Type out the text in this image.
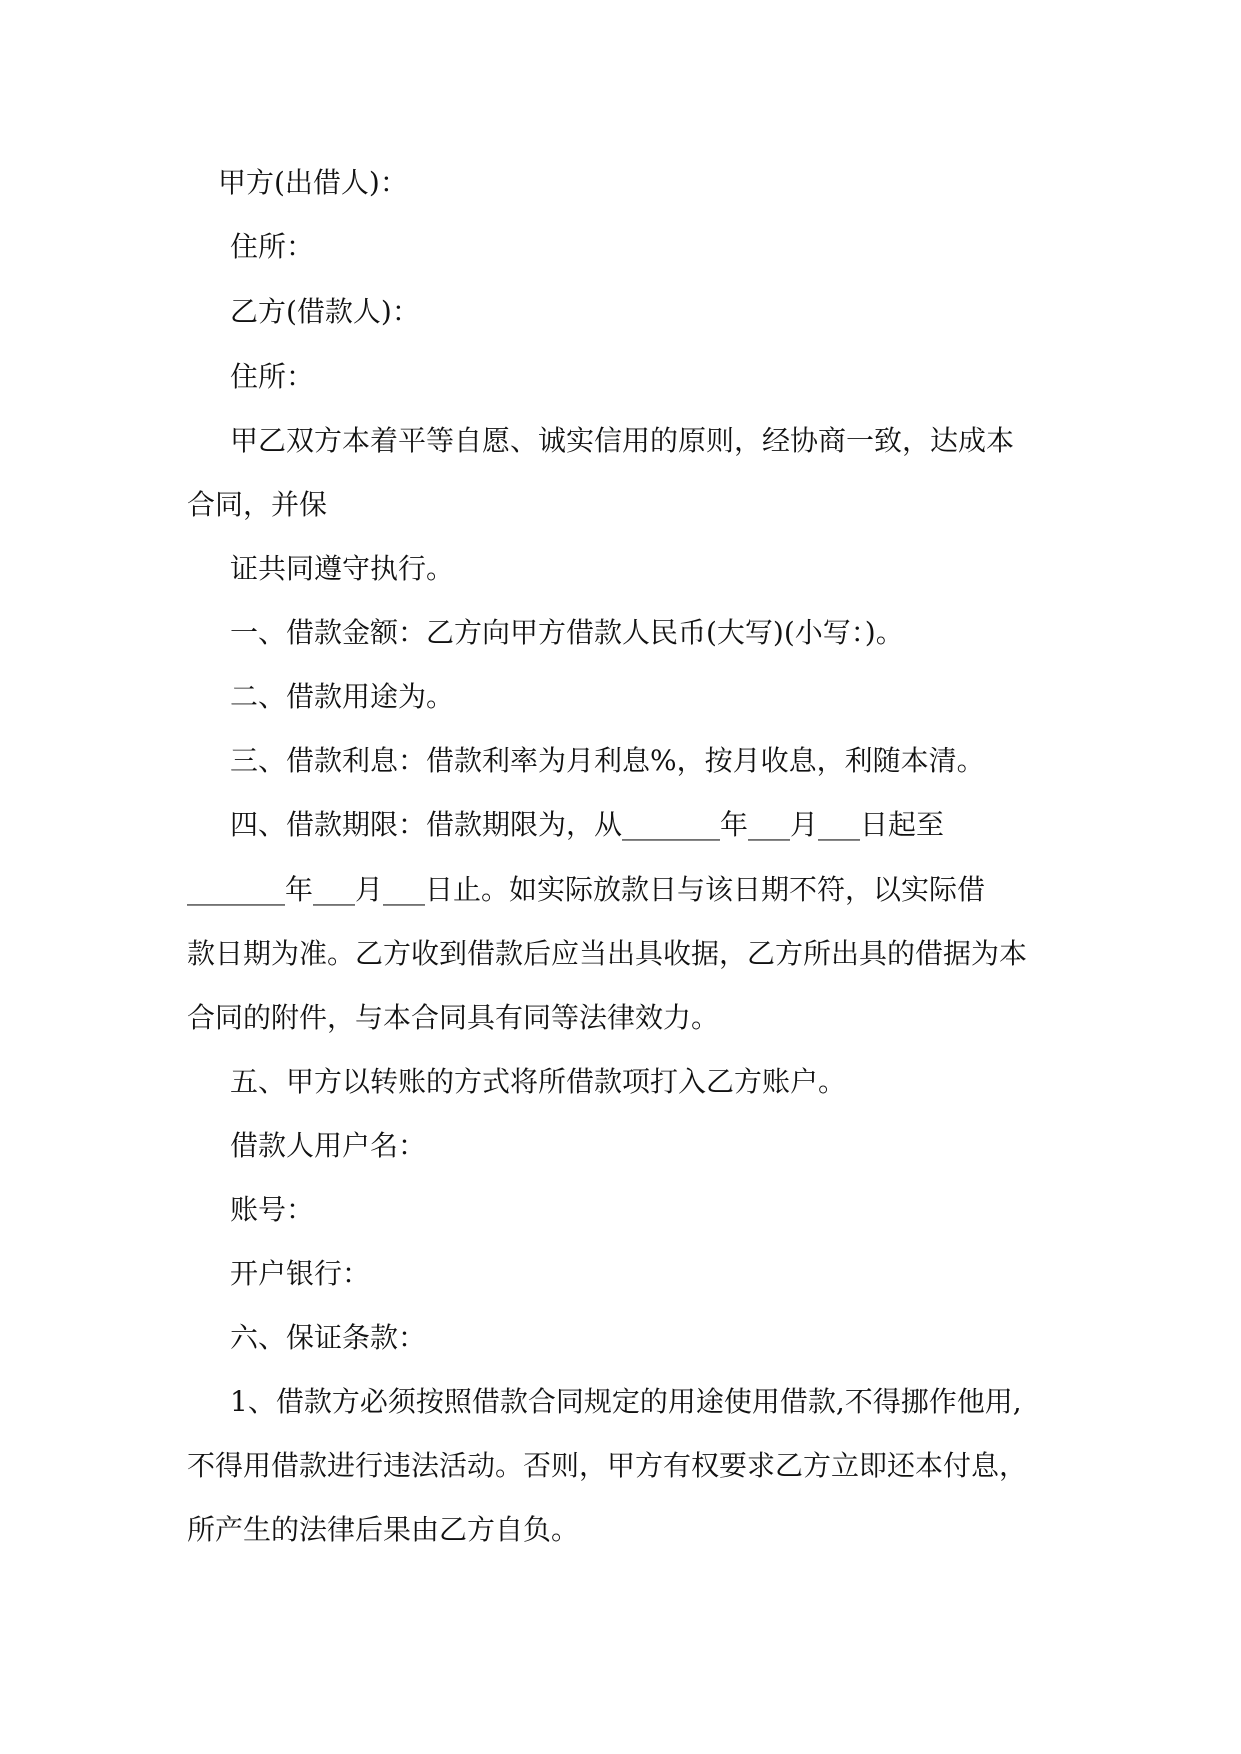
甲方(出借人)：
住所：
乙方(借款人)：
住所：
甲乙双方本着平等自愿、诚实信用的原则，经协商一致，达成本
合同，并保
证共同遵守执行。
一、借款金额：乙方向甲方借款人民币(大写)(小写：)。
二、借款用途为。
三、借款利息：借款利率为月利息%，按月收息，利随本清。
四、借款期限：借款期限为，从_______年___月___日起至
_______年___月___日止。如实际放款日与该日期不符，以实际借
款日期为准。乙方收到借款后应当出具收据，乙方所出具的借据为本
合同的附件，与本合同具有同等法律效力。
五、甲方以转账的方式将所借款项打入乙方账户。
借款人用户名：
账号：
开户银行：
六、保证条款：
1、借款方必须按照借款合同规定的用途使用借款,不得挪作他用,
不得用借款进行违法活动。否则，甲方有权要求乙方立即还本付息，
所产生的法律后果由乙方自负。
